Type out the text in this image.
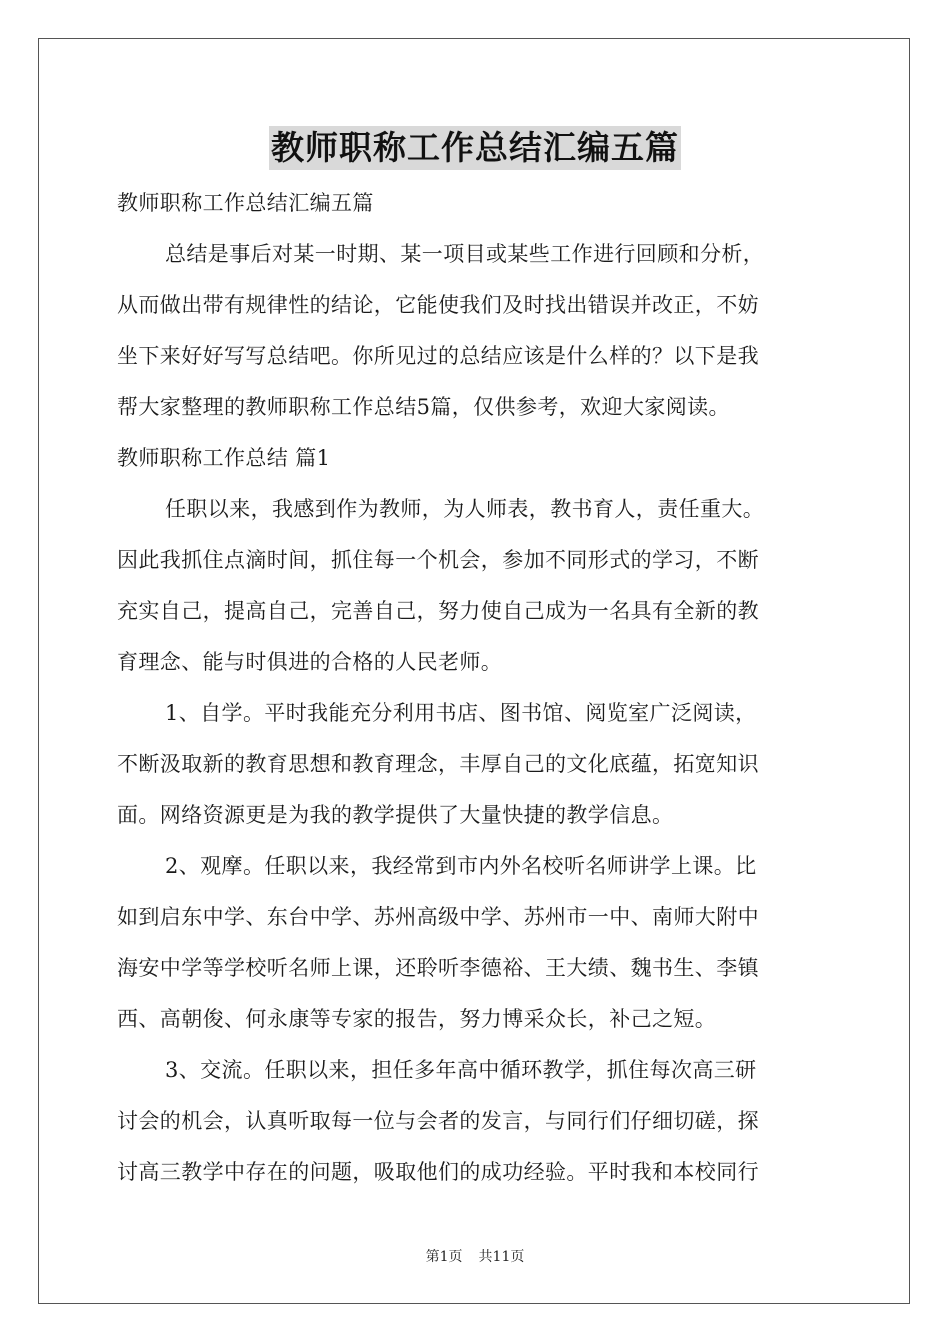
教师职称工作总结汇编五篇
教师职称工作总结汇编五篇
总结是事后对某一时期、某一项目或某些工作进行回顾和分析，
从而做出带有规律性的结论，它能使我们及时找出错误并改正，不妨
坐下来好好写写总结吧。你所见过的总结应该是什么样的？以下是我
帮大家整理的教师职称工作总结5篇，仅供参考，欢迎大家阅读。
教师职称工作总结 篇1
任职以来，我感到作为教师，为人师表，教书育人，责任重大。
因此我抓住点滴时间，抓住每一个机会，参加不同形式的学习，不断
充实自己，提高自己，完善自己，努力使自己成为一名具有全新的教
育理念、能与时俱进的合格的人民老师。
1、自学。平时我能充分利用书店、图书馆、阅览室广泛阅读，
不断汲取新的教育思想和教育理念，丰厚自己的文化底蕴，拓宽知识
面。网络资源更是为我的教学提供了大量快捷的教学信息。
2、观摩。任职以来，我经常到市内外名校听名师讲学上课。比
如到启东中学、东台中学、苏州高级中学、苏州市一中、南师大附中
海安中学等学校听名师上课，还聆听李德裕、王大绩、魏书生、李镇
西、高朝俊、何永康等专家的报告，努力博采众长，补己之短。
3、交流。任职以来，担任多年高中循环教学，抓住每次高三研
讨会的机会，认真听取每一位与会者的发言，与同行们仔细切磋，探
讨高三教学中存在的问题，吸取他们的成功经验。平时我和本校同行
第1页 共11页
